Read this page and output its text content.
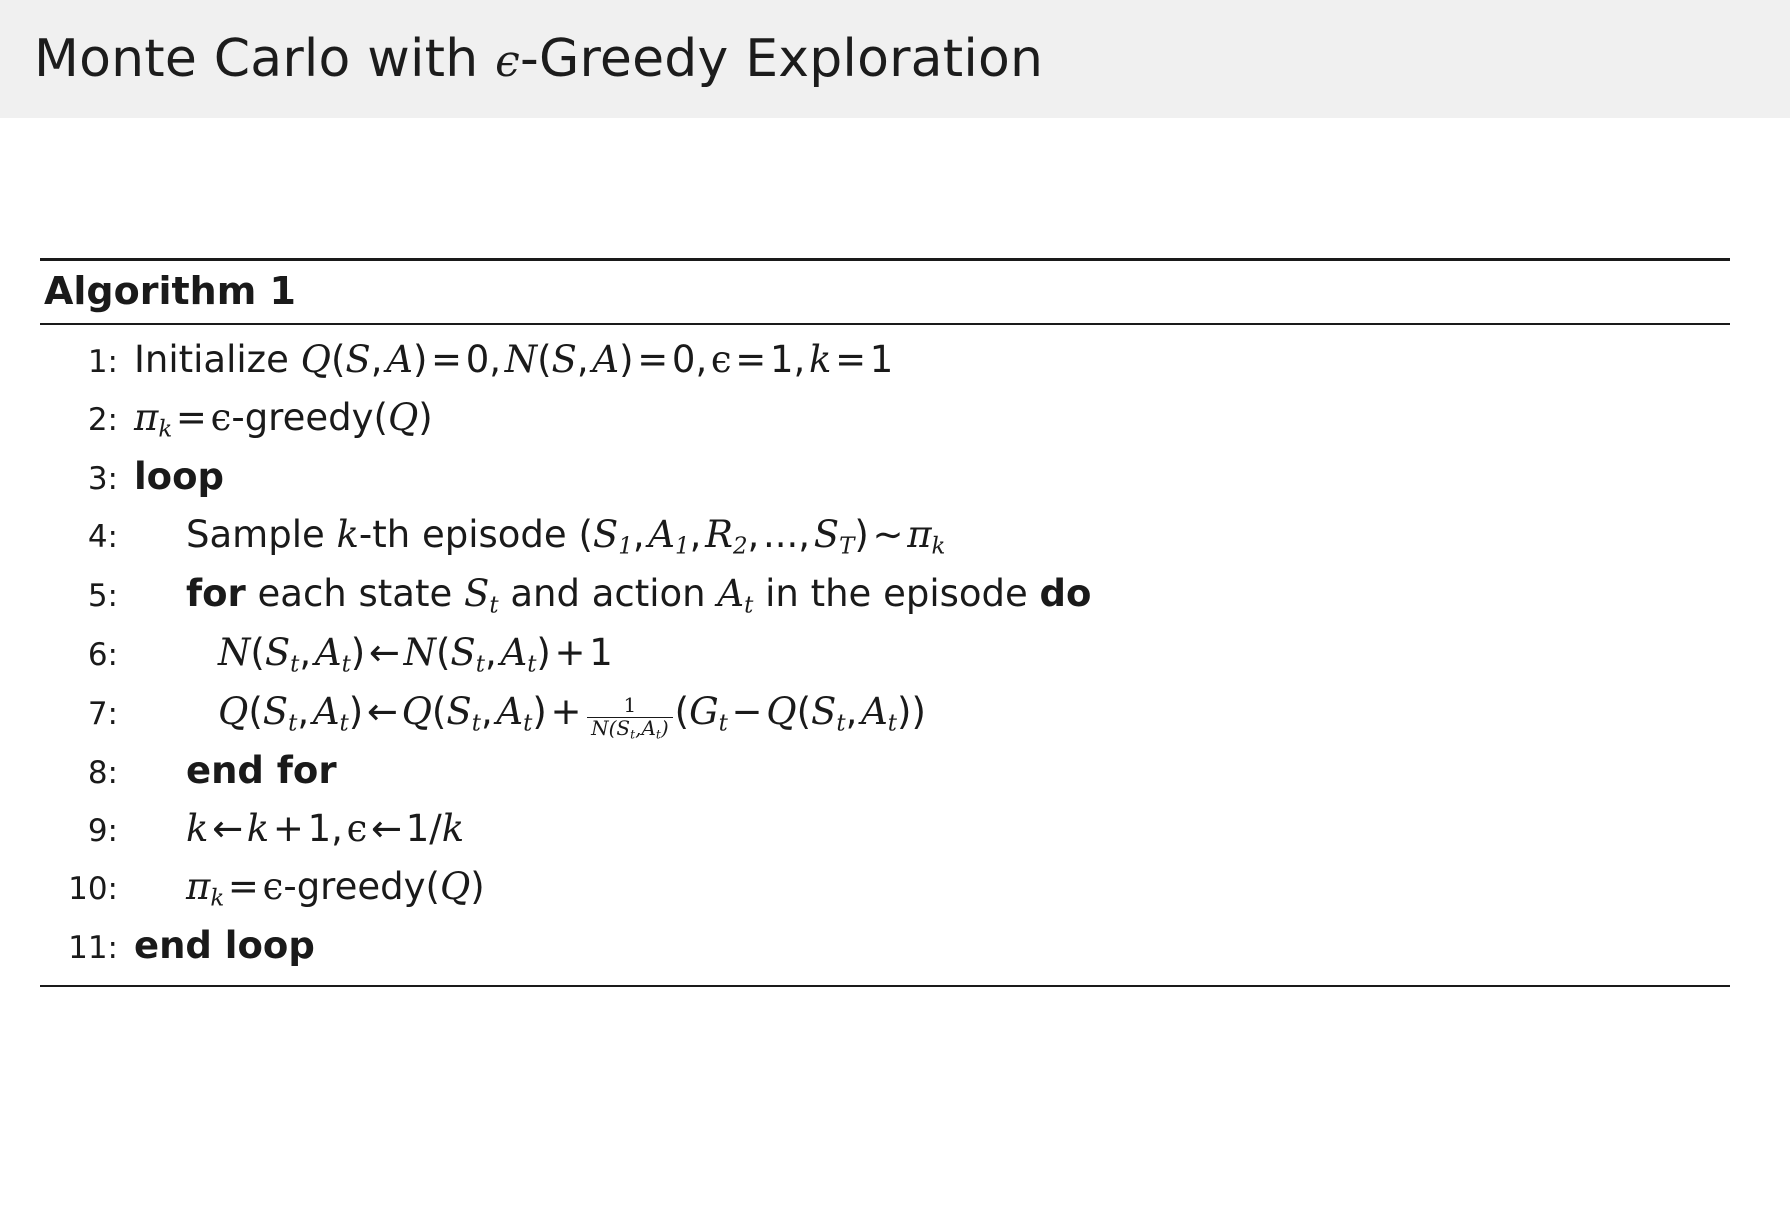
Monte Carlo with ϵ-Greedy Exploration
Algorithm 1
1: Initialize Q(S, A) = 0, N(S, A) = 0, ϵ = 1, k = 1
2: $\pi_k$ = ϵ-greedy(Q)
3: loop
4:	Sample k-th episode ($S_1$, $A_1$, $R_2$, ..., $S_T$) ∼ $\pi_k$
5:	for each state $S_t$ and action $A_t$ in the episode do
6:	$N(S_t$, $A_t$) ← $N(S_t$, $A_t$) + 1
7:	$Q(S_t$, $A_t$) ← $Q(S_t$, $A_t$) +  $\frac{1}{N(S_t,A_t)} (G_t$ − $Q(S_t$, $A_t$))
8:	end for
9:	k ← k + 1, ϵ ← 1/k
10:	$\pi_k$ = ϵ-greedy(Q)
11: end loop
